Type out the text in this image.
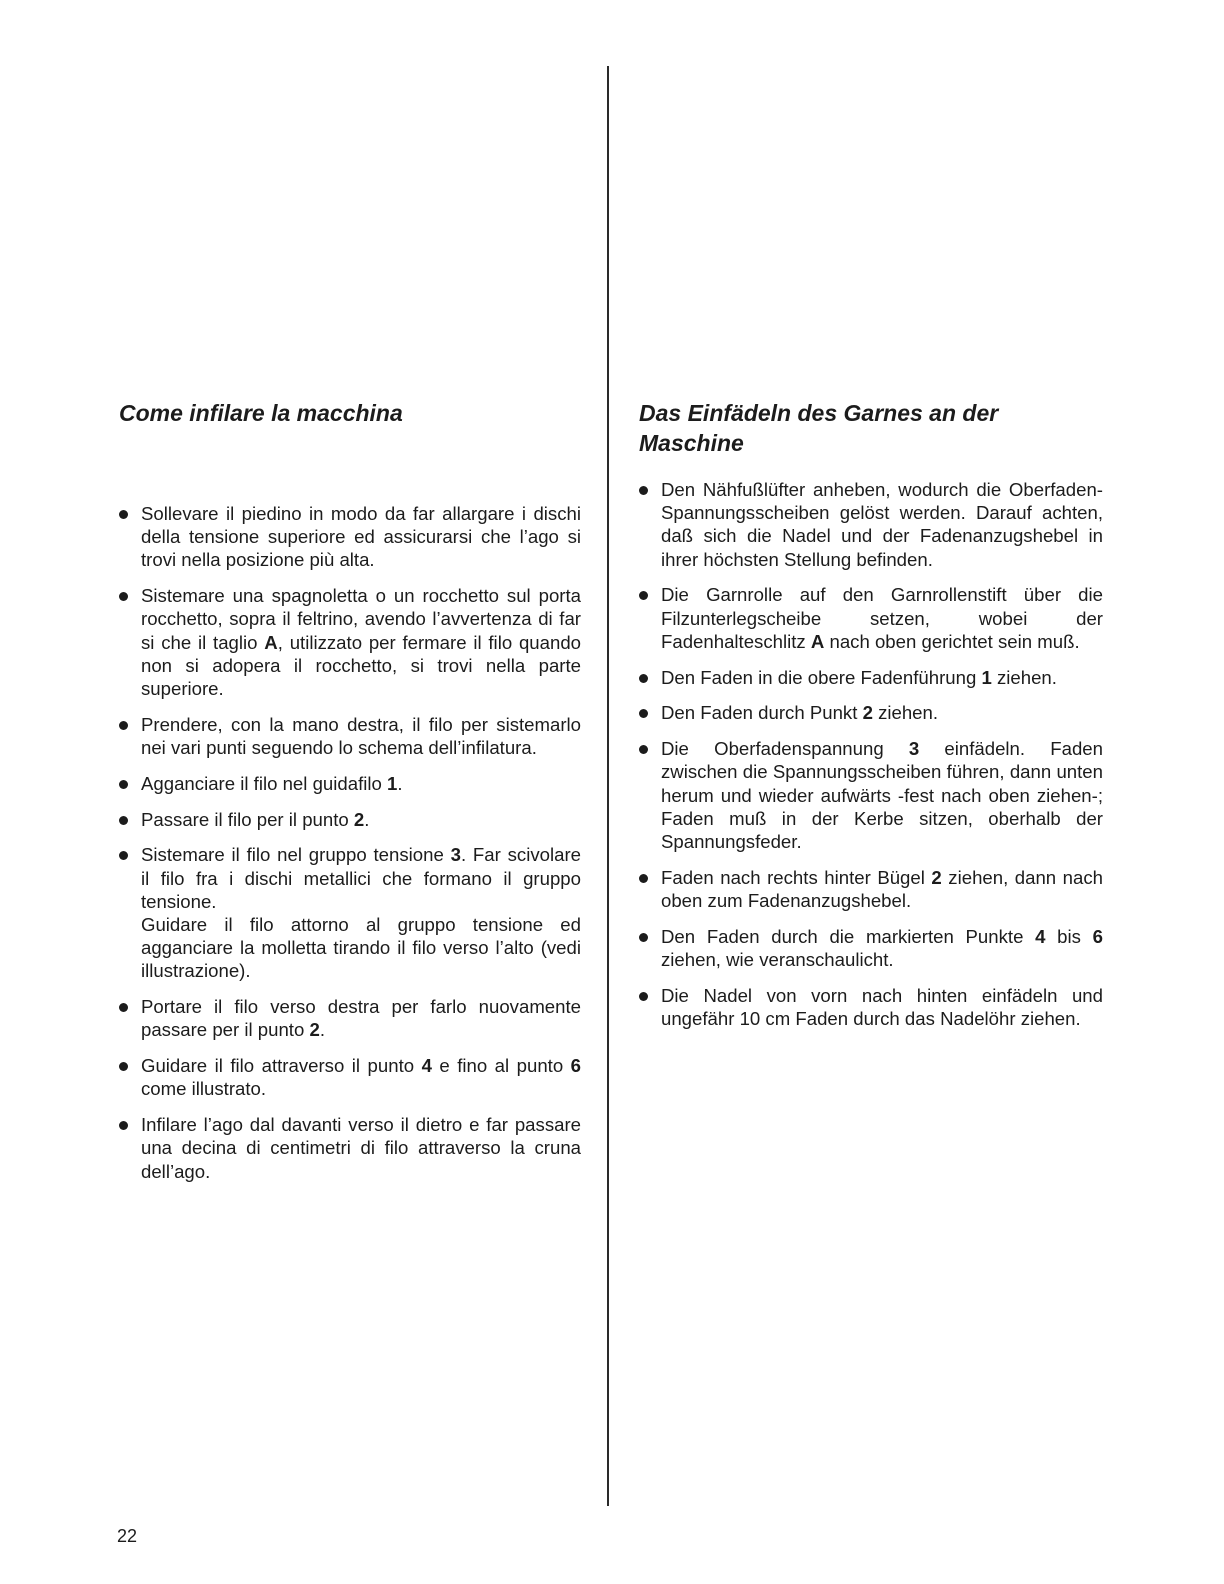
Come infilare la macchina
Sollevare il piedino in modo da far allargare i dischi della tensione superiore ed assicurarsi che l’ago si trovi nella posizione più alta.
Sistemare una spagnoletta o un rocchetto sul porta rocchetto, sopra il feltrino, avendo l’avvertenza di far si che il taglio A, utilizzato per fermare il filo quando non si adopera il rocchetto, si trovi nella parte superiore.
Prendere, con la mano destra, il filo per sistemarlo nei vari punti seguendo lo schema dell’infilatura.
Agganciare il filo nel guidafilo 1.
Passare il filo per il punto 2.
Sistemare il filo nel gruppo tensione 3. Far scivolare il filo fra i dischi metallici che formano il gruppo tensione.
Guidare il filo attorno al gruppo tensione ed agganciare la molletta tirando il filo verso l’alto (vedi illustrazione).
Portare il filo verso destra per farlo nuovamente passare per il punto 2.
Guidare il filo attraverso il punto 4 e fino al punto 6 come illustrato.
Infilare l’ago dal davanti verso il dietro e far passare una decina di centimetri di filo attraverso la cruna dell’ago.
Das Einfädeln des Garnes an der Maschine
Den Nähfußlüfter anheben, wodurch die Oberfaden-Spannungsscheiben gelöst werden. Darauf achten, daß sich die Nadel und der Fadenanzugshebel in ihrer höchsten Stellung befinden.
Die Garnrolle auf den Garnrollenstift über die Filzunterlegscheibe setzen, wobei der Fadenhalteschlitz A nach oben gerichtet sein muß.
Den Faden in die obere Fadenführung 1 ziehen.
Den Faden durch Punkt 2 ziehen.
Die Oberfadenspannung 3 einfädeln. Faden zwischen die Spannungsscheiben führen, dann unten herum und wieder aufwärts -fest nach oben ziehen-; Faden muß in der Kerbe sitzen, oberhalb der Spannungsfeder.
Faden nach rechts hinter Bügel 2 ziehen, dann nach oben zum Fadenanzugshebel.
Den Faden durch die markierten Punkte 4 bis 6 ziehen, wie veranschaulicht.
Die Nadel von vorn nach hinten einfädeln und ungefähr 10 cm Faden durch das Nadelöhr ziehen.
22
